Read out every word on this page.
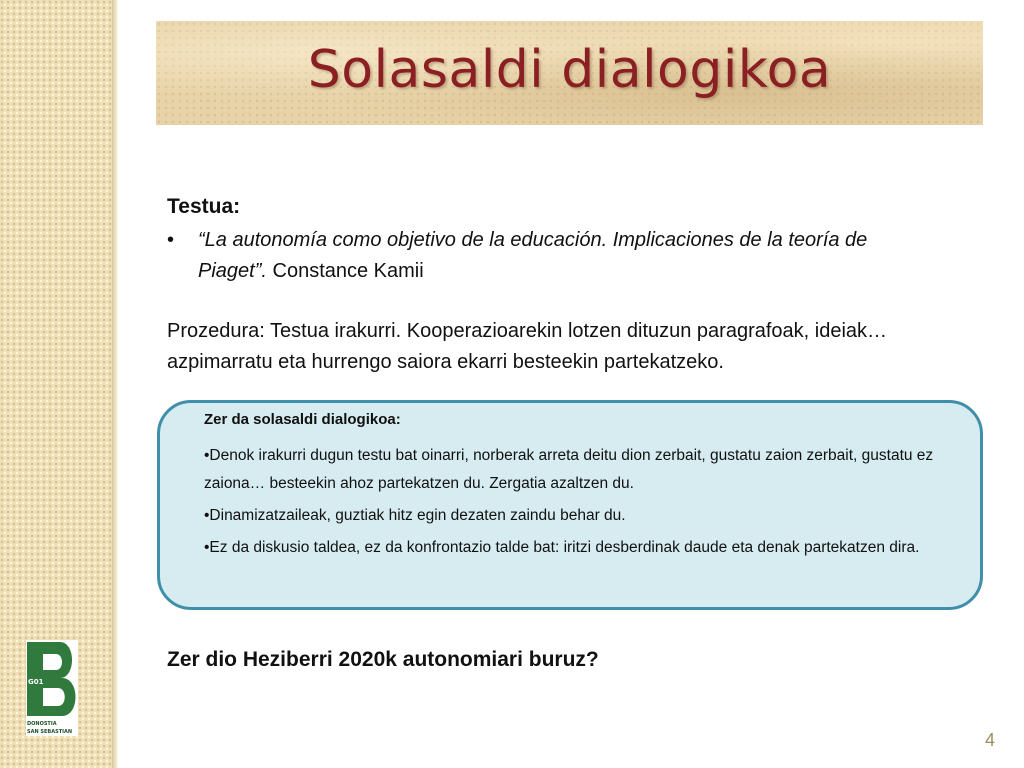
Solasaldi dialogikoa

Testua:

•	“La autonomía como objetivo de la educación. Implicaciones de la teoría de Piaget”. Constance Kamii

Prozedura: Testua irakurri. Kooperazioarekin lotzen dituzun paragrafoak, ideiak… azpimarratu eta hurrengo saiora ekarri besteekin partekatzeko.

Zer da solasaldi dialogikoa:

•Denok irakurri dugun testu bat oinarri, norberak arreta deitu dion zerbait, gustatu zaion zerbait, gustatu ez zaiona… besteekin ahoz partekatzen du. Zergatia azaltzen du.

•Dinamizatzaileak, guztiak hitz egin dezaten zaindu behar du.

•Ez da diskusio taldea, ez da konfrontazio talde bat: iritzi desberdinak daude eta denak partekatzen dira.

Zer dio Heziberri 2020k autonomiari buruz?

G01
DONOSTIA
SAN SEBASTIAN	4
